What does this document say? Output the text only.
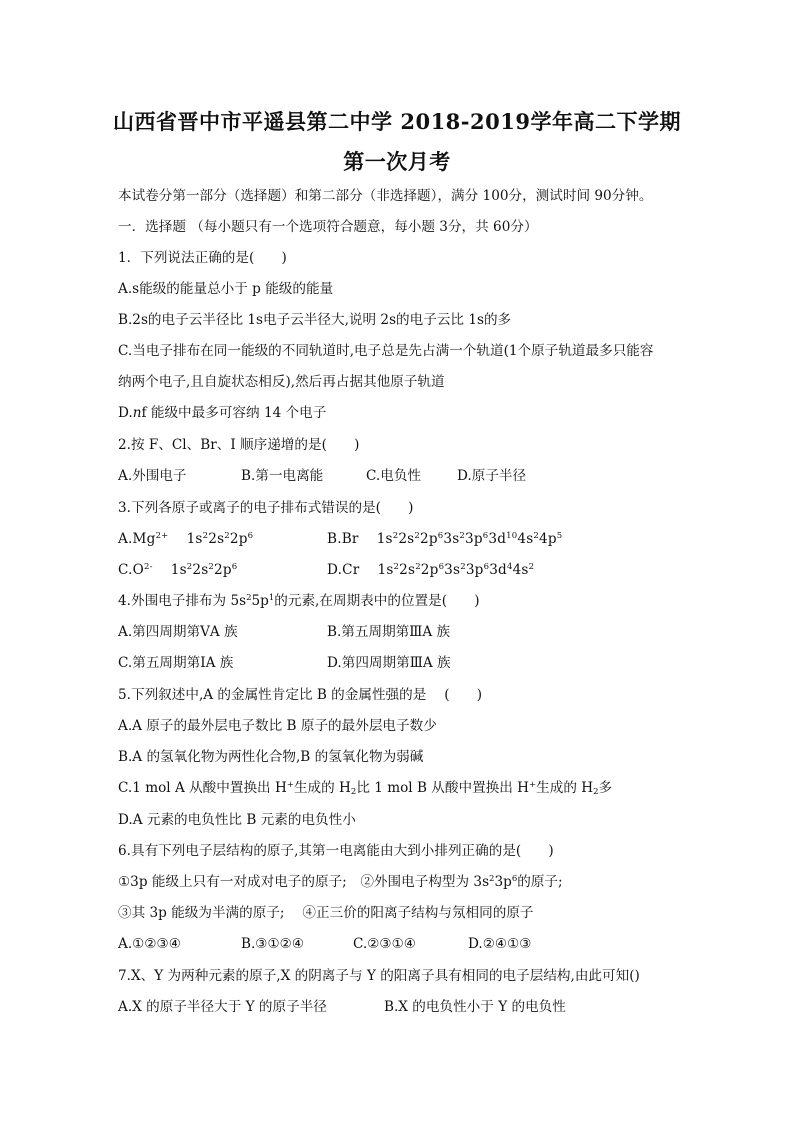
山西省晋中市平遥县第二中学 2018-2019学年高二下学期
第一次月考
本试卷分第一部分（选择题）和第二部分（非选择题），满分 100分，测试时间 90分钟。
一．选择题 （每小题只有一个选项符合题意，每小题 3分，共 60分）
1．下列说法正确的是(　　)
A.s能级的能量总小于 p 能级的能量
B.2s的电子云半径比 1s电子云半径大,说明 2s的电子云比 1s的多
C.当电子排布在同一能级的不同轨道时,电子总是先占满一个轨道(1个原子轨道最多只能容
纳两个电子,且自旋状态相反),然后再占据其他原子轨道
D.nf 能级中最多可容纳 14 个电子
2.按 F、Cl、Br、I 顺序递增的是(　　)
A.外围电子	B.第一电离能	C.电负性	D.原子半径
3.下列各原子或离子的电子排布式错误的是(　　)
$A.Mg^{2+}$    $1s^22s^22p^6$	B.Br    $1s^22s^22p^63s^23p^63d^{10}4s^24p^5$
$C.O^{2-}$    $1s^22s^22p^6$	D.Cr    $1s^22s^22p^63s^23p^63d^44s^2$
4.外围电子排布为 $5s^25p^1$的元素,在周期表中的位置是(　　)
A.第四周期第ⅤA 族	B.第五周期第ⅢA 族
C.第五周期第ⅠA 族	D.第四周期第ⅢA 族
5.下列叙述中,A 的金属性肯定比 B 的金属性强的是　 (　　)
A.A 原子的最外层电子数比 B 原子的最外层电子数少
B.A 的氢氧化物为两性化合物,B 的氢氧化物为弱碱
C.1 mol A 从酸中置换出 H+生成的 $H_2$比 1 mol B 从酸中置换出 H+生成的 $H_2$多
D.A 元素的电负性比 B 元素的电负性小
6.具有下列电子层结构的原子,其第一电离能由大到小排列正确的是(　　)
①3p 能级上只有一对成对电子的原子;　②外围电子构型为 $3s^23p^6$的原子;
③其 3p 能级为半满的原子;　 ④正三价的阳离子结构与氖相同的原子
A.①②③④	B.③①②④	C.②③①④	D.②④①③
7.X、Y 为两种元素的原子,X 的阴离子与 Y 的阳离子具有相同的电子层结构,由此可知()
A.X 的原子半径大于 Y 的原子半径	B.X 的电负性小于 Y 的电负性
